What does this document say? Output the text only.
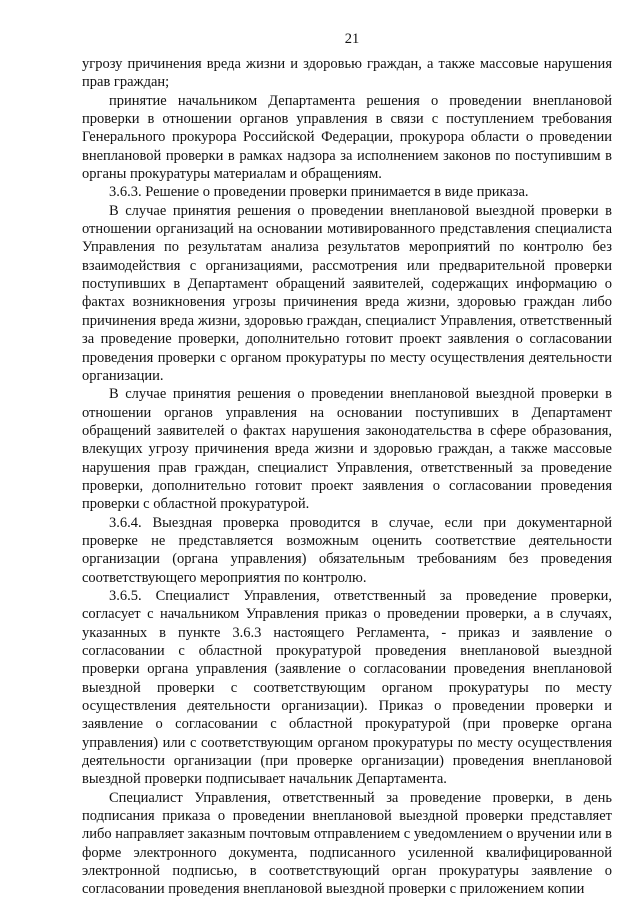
21

угрозу причинения вреда жизни и здоровью граждан, а также массовые нарушения прав граждан;

принятие начальником Департамента решения о проведении внеплановой проверки в отношении органов управления в связи с поступлением требования Генерального прокурора Российской Федерации, прокурора области о проведении внеплановой проверки в рамках надзора за исполнением законов по поступившим в органы прокуратуры материалам и обращениям.

3.6.3. Решение о проведении проверки принимается в виде приказа.

В случае принятия решения о проведении внеплановой выездной проверки в отношении организаций на основании мотивированного представления специалиста Управления по результатам анализа результатов мероприятий по контролю без взаимодействия с организациями, рассмотрения или предварительной проверки поступивших в Департамент обращений заявителей, содержащих информацию о фактах возникновения угрозы причинения вреда жизни, здоровью граждан либо причинения вреда жизни, здоровью граждан, специалист Управления, ответственный за проведение проверки, дополнительно готовит проект заявления о согласовании проведения проверки с органом прокуратуры по месту осуществления деятельности организации.

В случае принятия решения о проведении внеплановой выездной проверки в отношении органов управления на основании поступивших в Департамент обращений заявителей о фактах нарушения законодательства в сфере образования, влекущих угрозу причинения вреда жизни и здоровью граждан, а также массовые нарушения прав граждан, специалист Управления, ответственный за проведение проверки, дополнительно готовит проект заявления о согласовании проведения проверки с областной прокуратурой.

3.6.4. Выездная проверка проводится в случае, если при документарной проверке не представляется возможным оценить соответствие деятельности организации (органа управления) обязательным требованиям без проведения соответствующего мероприятия по контролю.

3.6.5. Специалист Управления, ответственный за проведение проверки, согласует с начальником Управления приказ о проведении проверки, а в случаях, указанных в пункте 3.6.3 настоящего Регламента, - приказ и заявление о согласовании с областной прокуратурой проведения внеплановой выездной проверки органа управления (заявление о согласовании проведения внеплановой выездной проверки с соответствующим органом прокуратуры по месту осуществления деятельности организации). Приказ о проведении проверки и заявление о согласовании с областной прокуратурой (при проверке органа управления) или с соответствующим органом прокуратуры по месту осуществления деятельности организации (при проверке организации) проведения внеплановой выездной проверки подписывает начальник Департамента.

Специалист Управления, ответственный за проведение проверки, в день подписания приказа о проведении внеплановой выездной проверки представляет либо направляет заказным почтовым отправлением с уведомлением о вручении или в форме электронного документа, подписанного усиленной квалифицированной электронной подписью, в соответствующий орган прокуратуры заявление о согласовании проведения внеплановой выездной проверки с приложением копии
